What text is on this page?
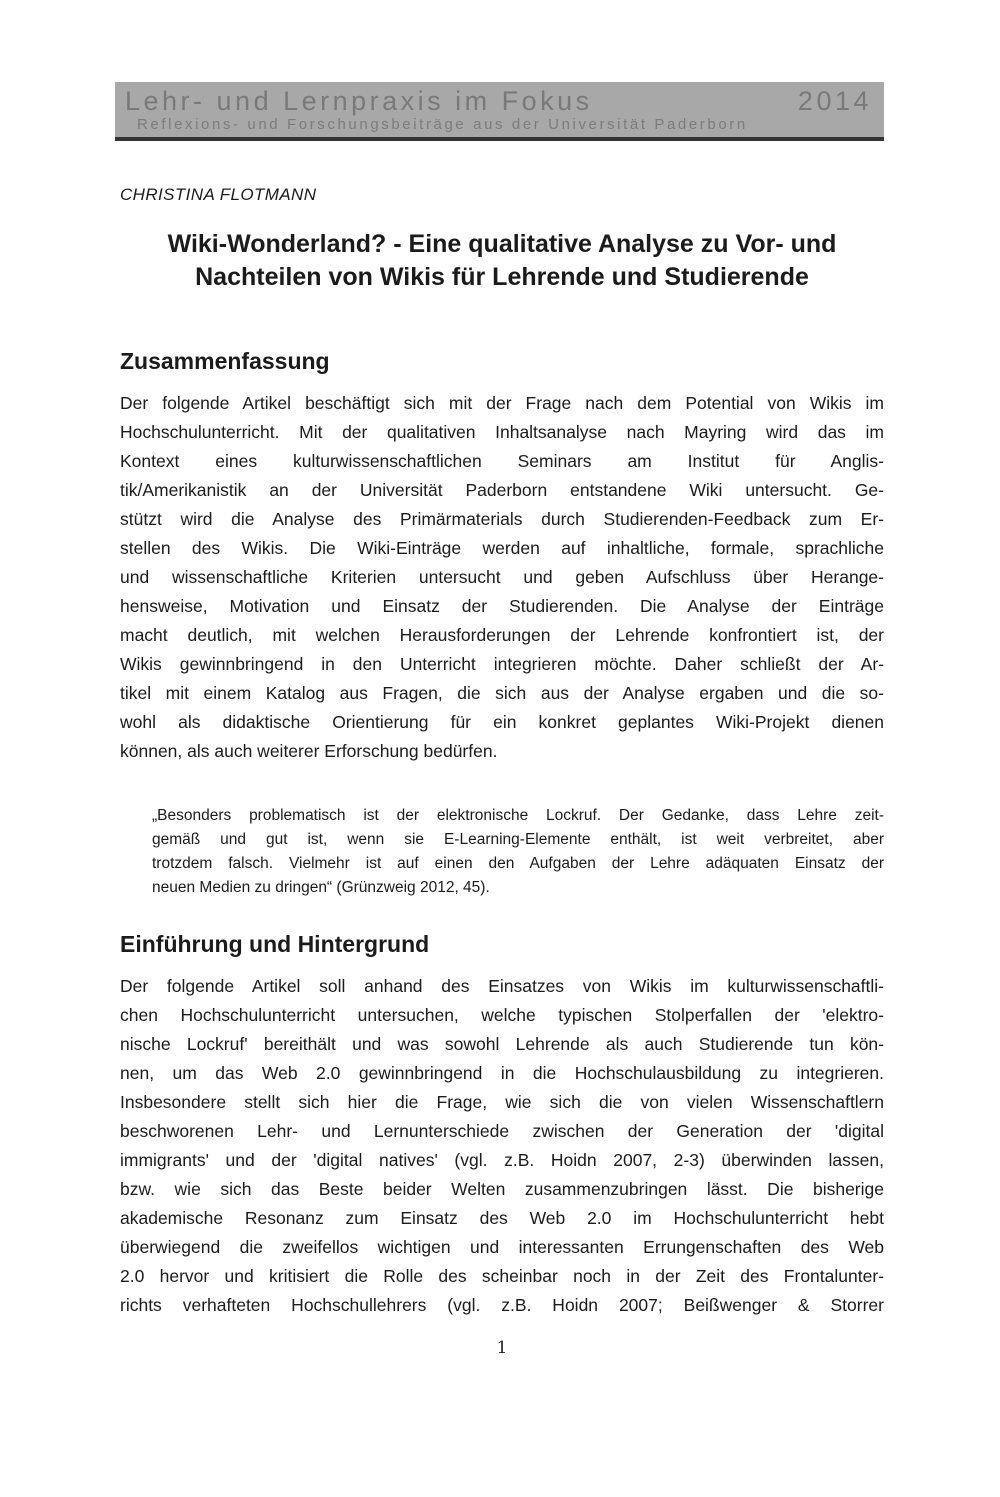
Lehr- und Lernpraxis im Fokus	2014
Reflexions- und Forschungsbeiträge aus der Universität Paderborn
CHRISTINA FLOTMANN
Wiki-Wonderland? - Eine qualitative Analyse zu Vor- und
Nachteilen von Wikis für Lehrende und Studierende
Zusammenfassung
Der folgende Artikel beschäftigt sich mit der Frage nach dem Potential von Wikis im
Hochschulunterricht. Mit der qualitativen Inhaltsanalyse nach Mayring wird das im
Kontext eines kulturwissenschaftlichen Seminars am Institut für Anglis-
tik/Amerikanistik an der Universität Paderborn entstandene Wiki untersucht. Ge-
stützt wird die Analyse des Primärmaterials durch Studierenden-Feedback zum Er-
stellen des Wikis. Die Wiki-Einträge werden auf inhaltliche, formale, sprachliche
und wissenschaftliche Kriterien untersucht und geben Aufschluss über Herange-
hensweise, Motivation und Einsatz der Studierenden. Die Analyse der Einträge
macht deutlich, mit welchen Herausforderungen der Lehrende konfrontiert ist, der
Wikis gewinnbringend in den Unterricht integrieren möchte. Daher schließt der Ar-
tikel mit einem Katalog aus Fragen, die sich aus der Analyse ergaben und die so-
wohl als didaktische Orientierung für ein konkret geplantes Wiki-Projekt dienen
können, als auch weiterer Erforschung bedürfen.
„Besonders problematisch ist der elektronische Lockruf. Der Gedanke, dass Lehre zeit-
gemäß und gut ist, wenn sie E-Learning-Elemente enthält, ist weit verbreitet, aber
trotzdem falsch. Vielmehr ist auf einen den Aufgaben der Lehre adäquaten Einsatz der
neuen Medien zu dringen“ (Grünzweig 2012, 45).
Einführung und Hintergrund
Der folgende Artikel soll anhand des Einsatzes von Wikis im kulturwissenschaftli-
chen Hochschulunterricht untersuchen, welche typischen Stolperfallen der 'elektro-
nische Lockruf' bereithält und was sowohl Lehrende als auch Studierende tun kön-
nen, um das Web 2.0 gewinnbringend in die Hochschulausbildung zu integrieren.
Insbesondere stellt sich hier die Frage, wie sich die von vielen Wissenschaftlern
beschworenen Lehr- und Lernunterschiede zwischen der Generation der 'digital
immigrants' und der 'digital natives' (vgl. z.B. Hoidn 2007, 2-3) überwinden lassen,
bzw. wie sich das Beste beider Welten zusammenzubringen lässt. Die bisherige
akademische Resonanz zum Einsatz des Web 2.0 im Hochschulunterricht hebt
überwiegend die zweifellos wichtigen und interessanten Errungenschaften des Web
2.0 hervor und kritisiert die Rolle des scheinbar noch in der Zeit des Frontalunter-
richts verhafteten Hochschullehrers (vgl. z.B. Hoidn 2007; Beißwenger & Storrer
1
